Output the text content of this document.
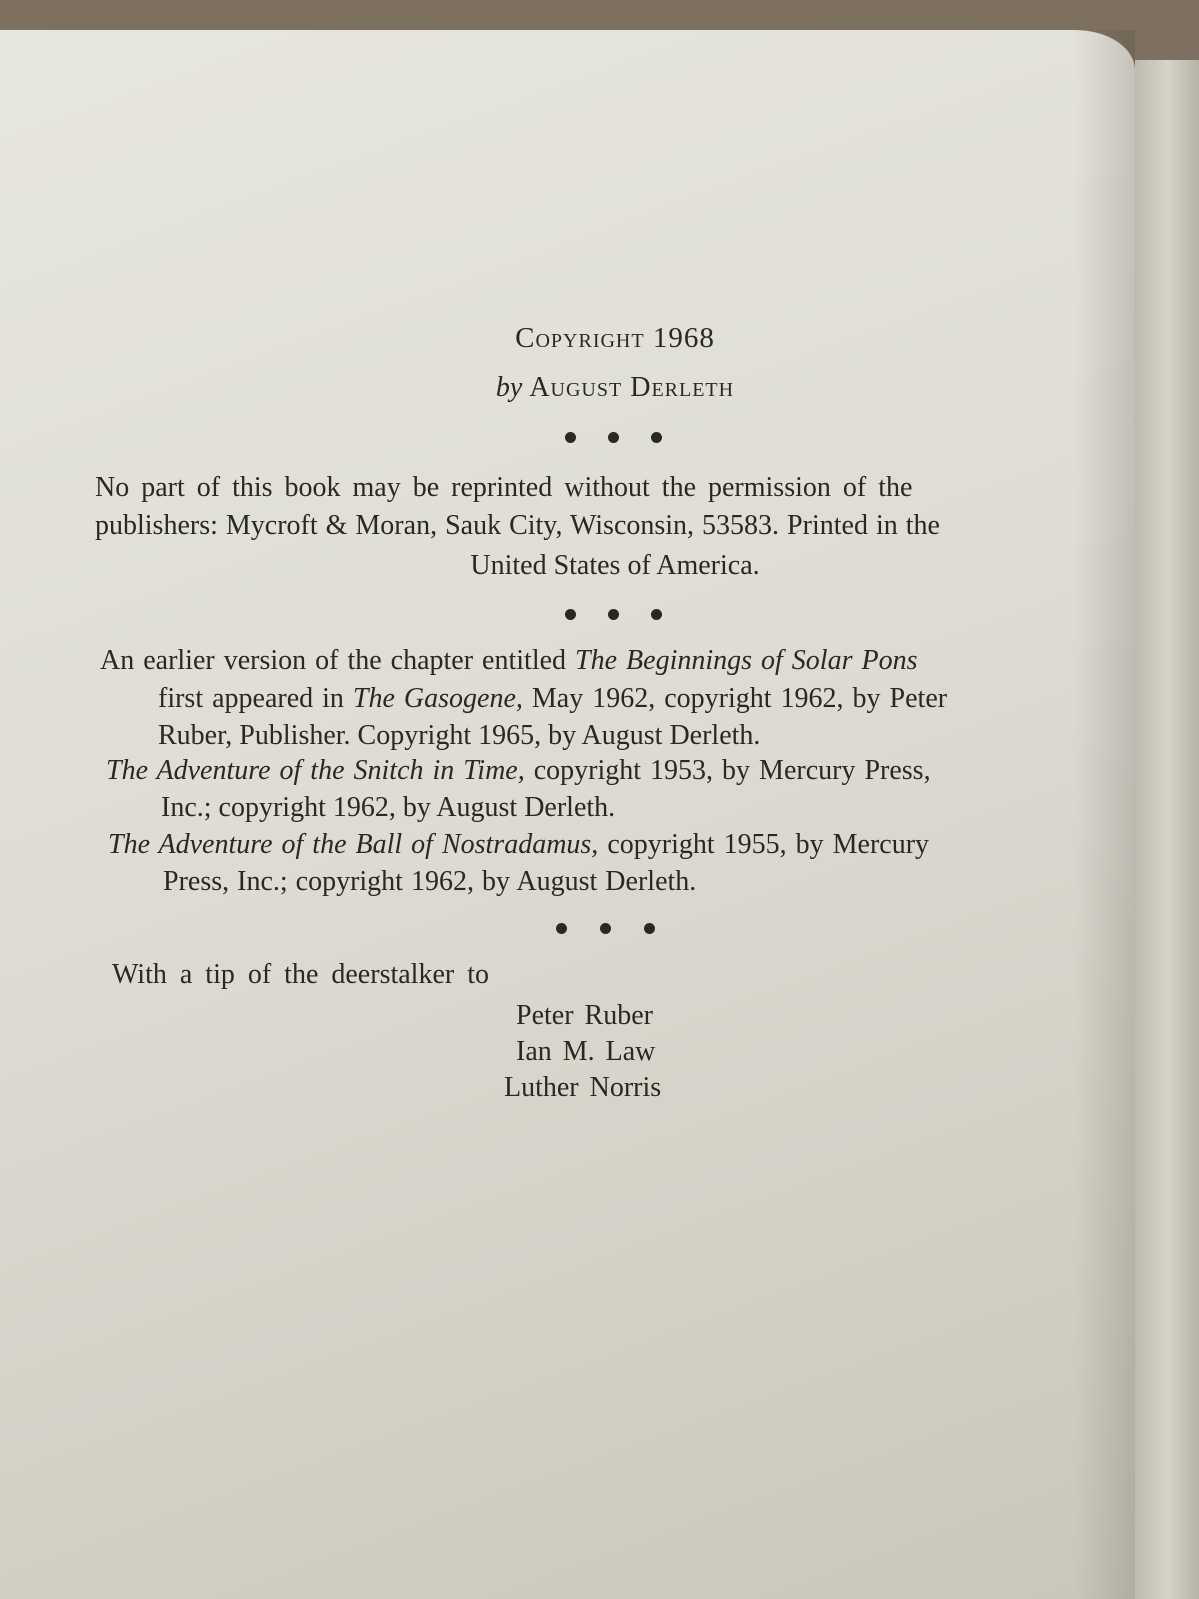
Copyright 1968
by August Derleth
No part of this book may be reprinted without the permission of the
publishers: Mycroft & Moran, Sauk City, Wisconsin, 53583. Printed in the
United States of America.
An earlier version of the chapter entitled The Beginnings of Solar Pons
first appeared in The Gasogene, May 1962, copyright 1962, by Peter
Ruber, Publisher. Copyright 1965, by August Derleth.
The Adventure of the Snitch in Time, copyright 1953, by Mercury Press,
Inc.; copyright 1962, by August Derleth.
The Adventure of the Ball of Nostradamus, copyright 1955, by Mercury
Press, Inc.; copyright 1962, by August Derleth.
With a tip of the deerstalker to
Peter Ruber
Ian M. Law
Luther Norris
